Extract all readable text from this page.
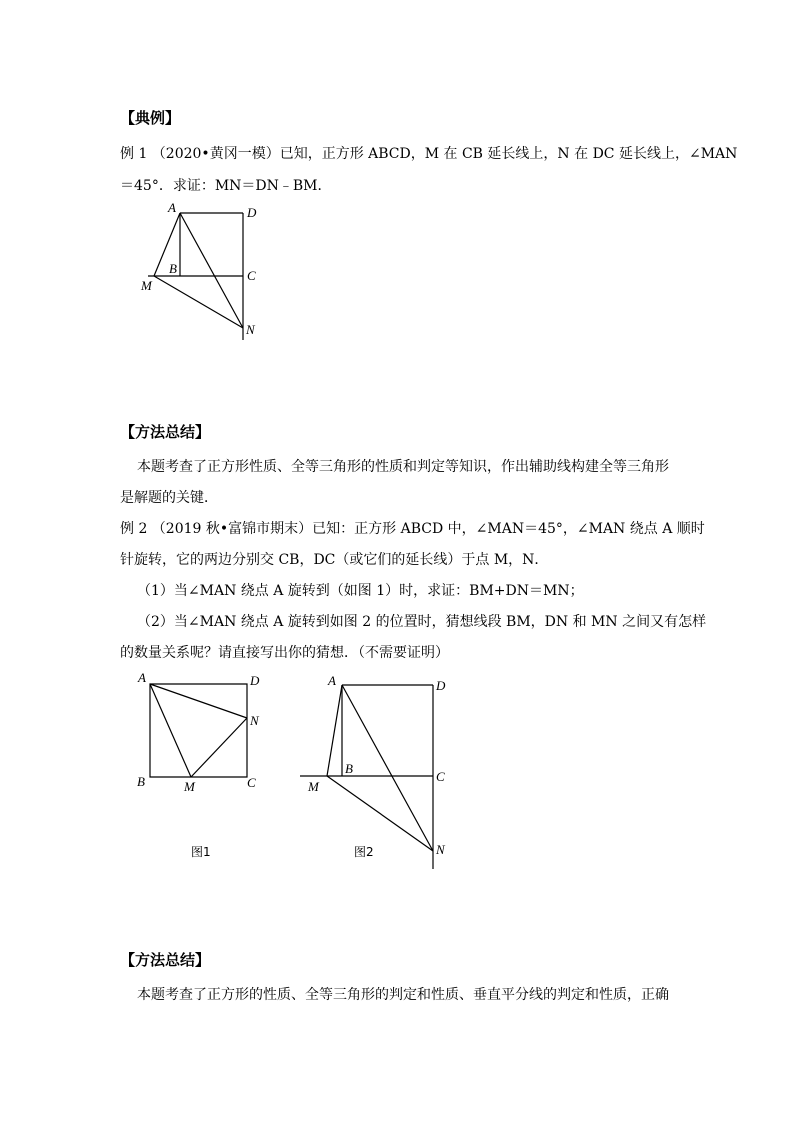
【典例】
例 1 （2020•黄冈一模）已知，正方形 ABCD，M 在 CB 延长线上，N 在 DC 延长线上，∠MAN
＝45°．求证：MN＝DN﹣BM．
A	D
B	C
M
N
【方法总结】
本题考查了正方形性质、全等三角形的性质和判定等知识，作出辅助线构建全等三角形
是解题的关键．
例 2 （2019 秋•富锦市期末）已知：正方形 ABCD 中，∠MAN＝45°，∠MAN 绕点 A 顺时
针旋转，它的两边分别交 CB，DC（或它们的延长线）于点 M，N．
（1）当∠MAN 绕点 A 旋转到（如图 1）时，求证：BM+DN＝MN；
（2）当∠MAN 绕点 A 旋转到如图 2 的位置时，猜想线段 BM，DN 和 MN 之间又有怎样
的数量关系呢？请直接写出你的猜想．（不需要证明）
A	D
N
B	M	C
图1
A	D
B
C
M
N
图2
【方法总结】
本题考查了正方形的性质、全等三角形的判定和性质、垂直平分线的判定和性质，正确
